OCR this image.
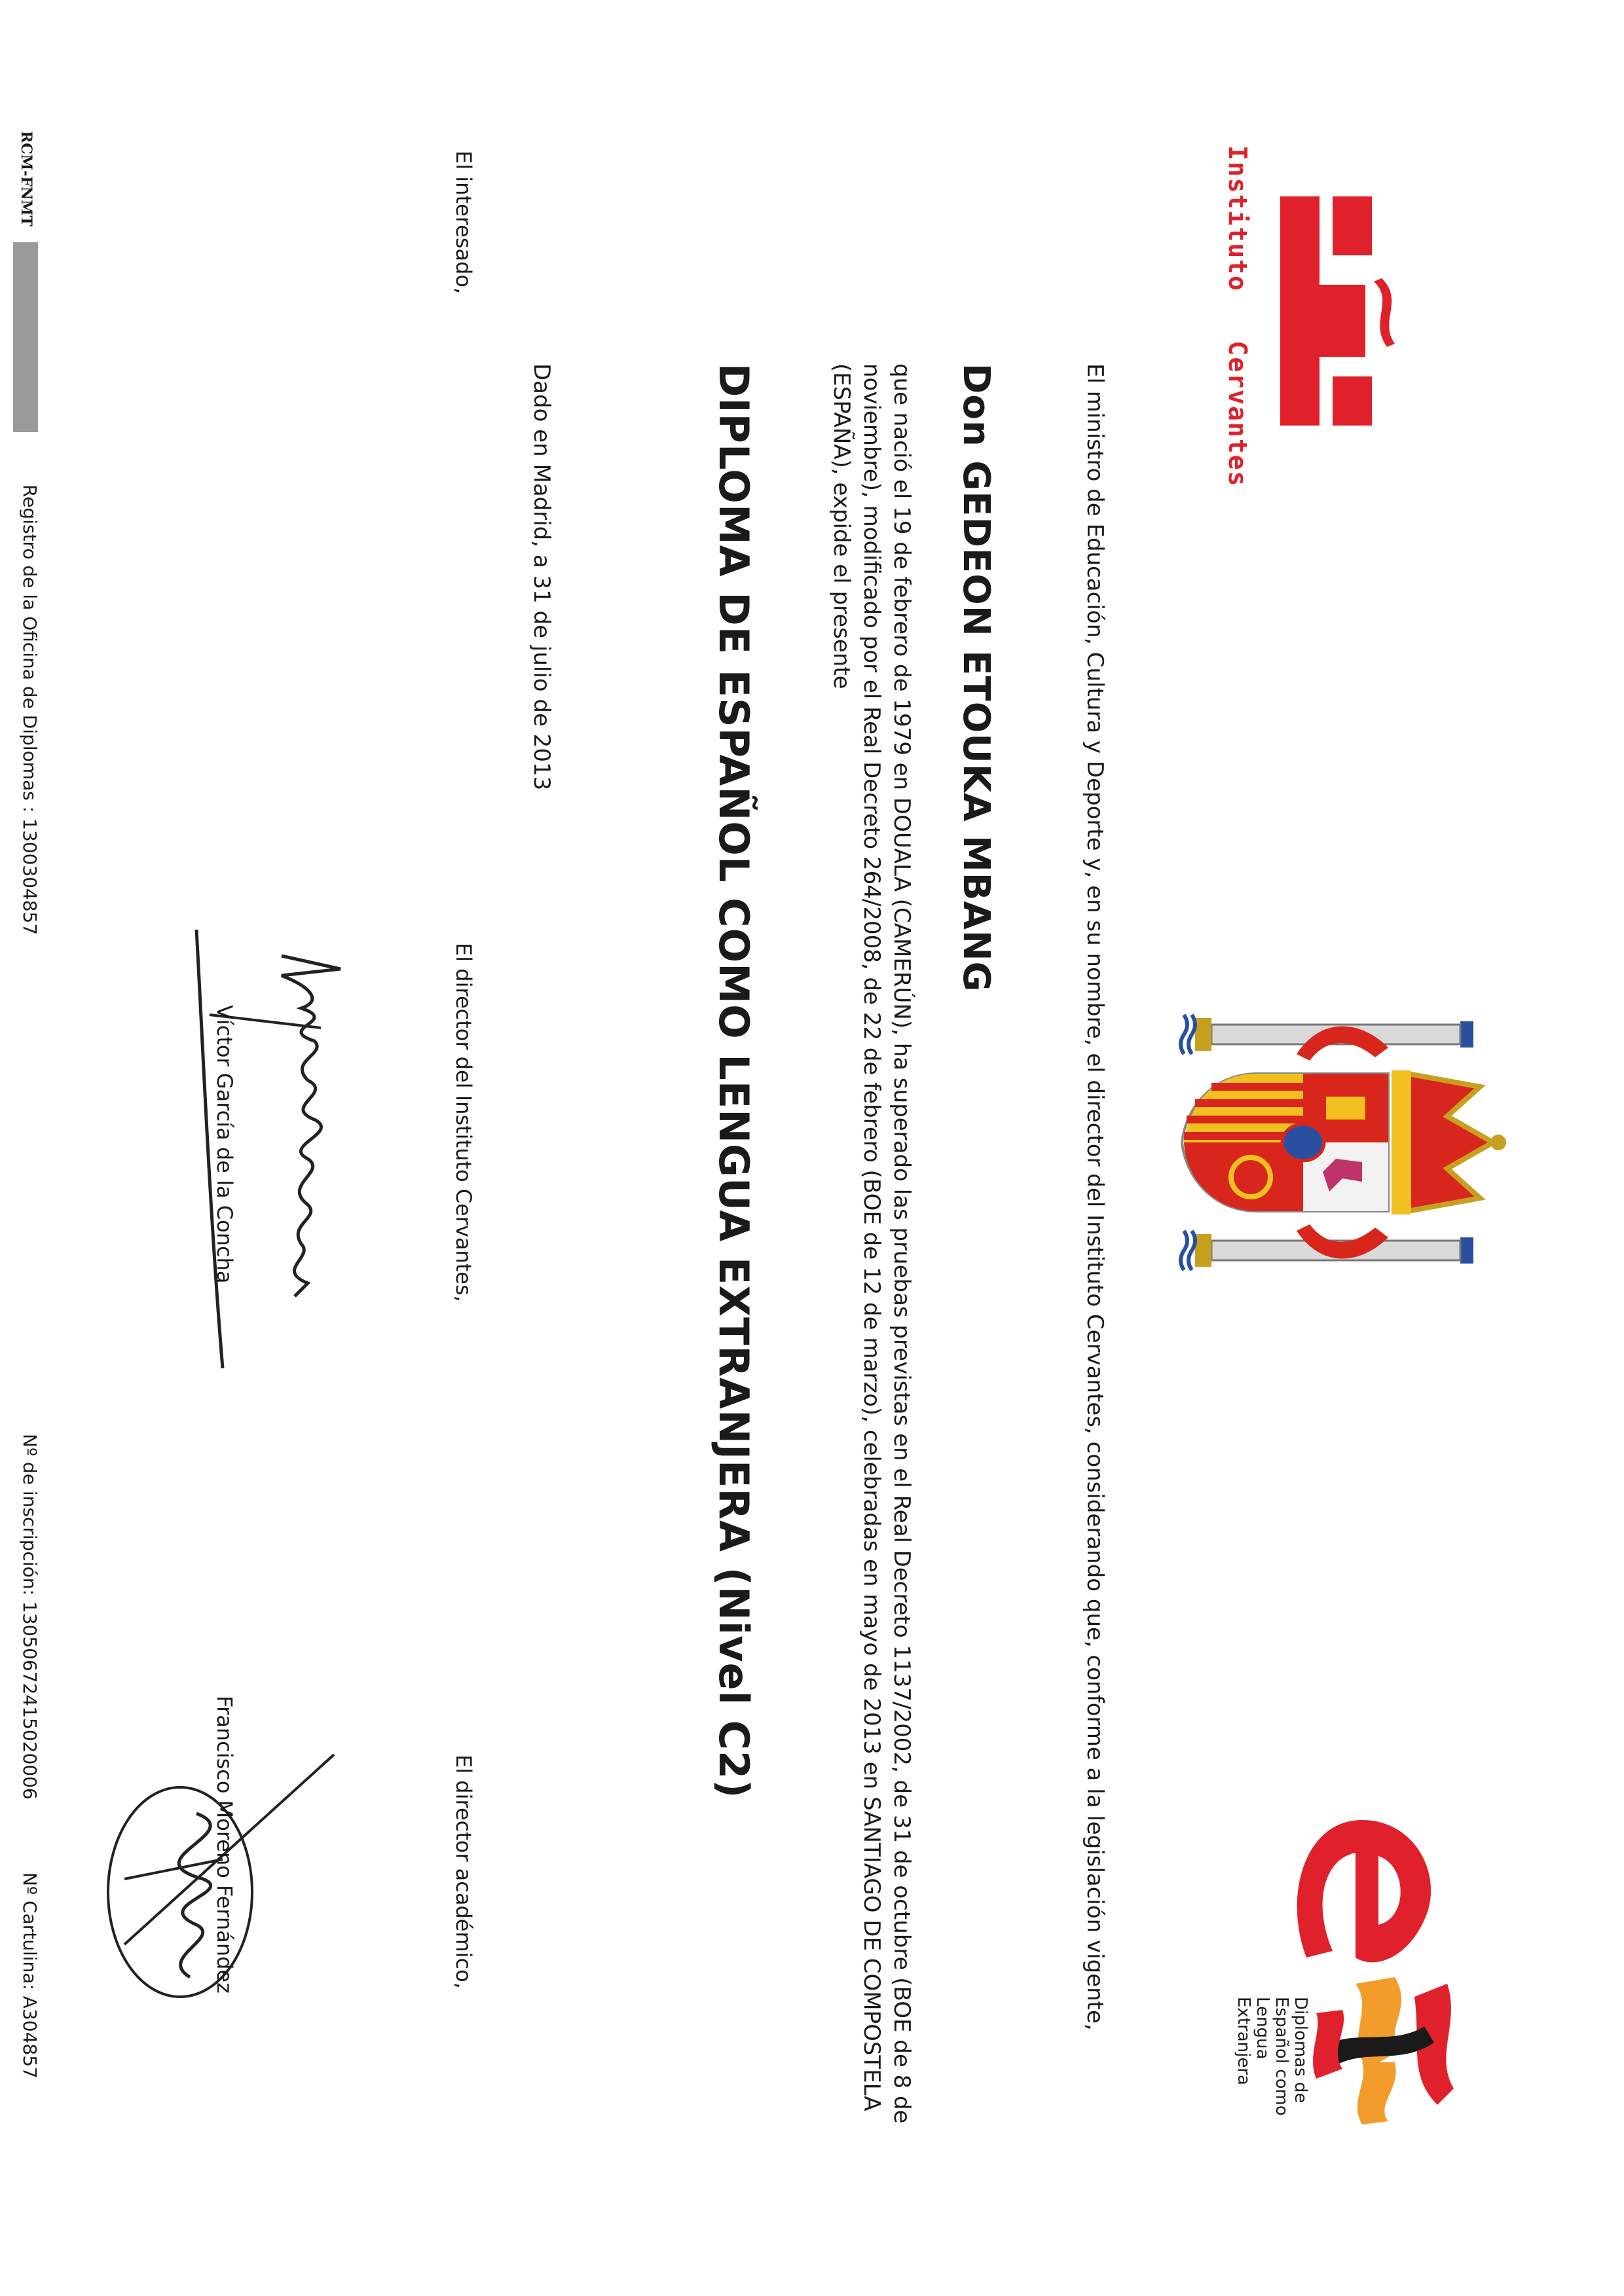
Instituto   Cervantes
Diplomas de
Español como
Lengua
Extranjera
El ministro de Educación, Cultura y Deporte y, en su nombre, el director del Instituto Cervantes, considerando que, conforme a la legislación vigente,
Don GEDEON ETOUKA MBANG
que nació el 19 de febrero de 1979 en DOUALA (CAMERÚN), ha superado las pruebas previstas en el Real Decreto 1137/2002, de 31 de octubre (BOE de 8 de noviembre), modificado por el Real Decreto 264/2008, de 22 de febrero (BOE de 12 de marzo), celebradas en mayo de 2013 en SANTIAGO DE COMPOSTELA (ESPAÑA), expide el presente
DIPLOMA DE ESPAÑOL COMO LENGUA EXTRANJERA (Nivel C2)
Dado en Madrid, a 31 de julio de 2013
El interesado,
El director del Instituto Cervantes,
El director académico,
Víctor García de la Concha
Francisco Moreno Fernández
RCM-FNMT
Registro de la Oficina de Diplomas : 1300304857
Nº de inscripción: 13050672415020006
Nº Cartulina: A304857
